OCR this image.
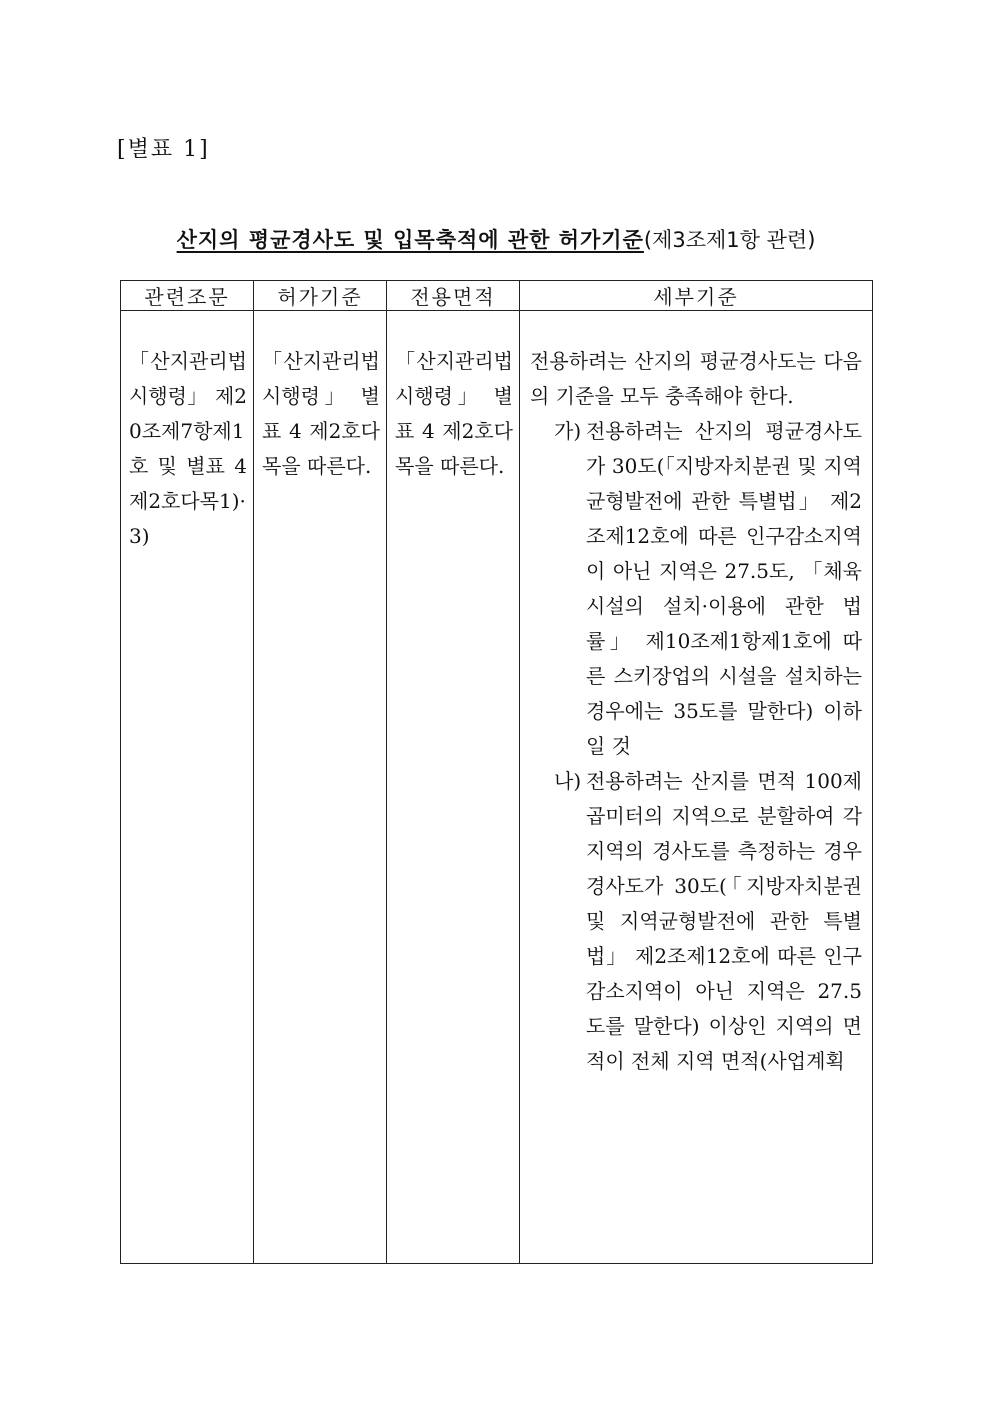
[별표 1]
산지의 평균경사도 및 입목축적에 관한 허가기준(제3조제1항 관련)
관련조문	허가기준	전용면적	세부기준

「산지관리법 시행령」 제20조제7항제1호 및 별표 4 제2호다목1)·3)	「산지관리법 시행령」 별표 4 제2호다목을 따른다.	「산지관리법 시행령」 별표 4 제2호다목을 따른다.	전용하려는 산지의 평균경사도는 다음의 기준을 모두 충족해야 한다.
가) 전용하려는 산지의 평균경사도가 30도(「지방자치분권 및 지역균형발전에 관한 특별법」 제2조제12호에 따른 인구감소지역이 아닌 지역은 27.5도, 「체육시설의 설치·이용에 관한 법률」 제10조제1항제1호에 따른 스키장업의 시설을 설치하는 경우에는 35도를 말한다) 이하일 것
나) 전용하려는 산지를 면적 100제곱미터의 지역으로 분할하여 각 지역의 경사도를 측정하는 경우 경사도가 30도(「지방자치분권 및 지역균형발전에 관한 특별법」 제2조제12호에 따른 인구감소지역이 아닌 지역은 27.5도를 말한다) 이상인 지역의 면적이 전체 지역 면적(사업계획
